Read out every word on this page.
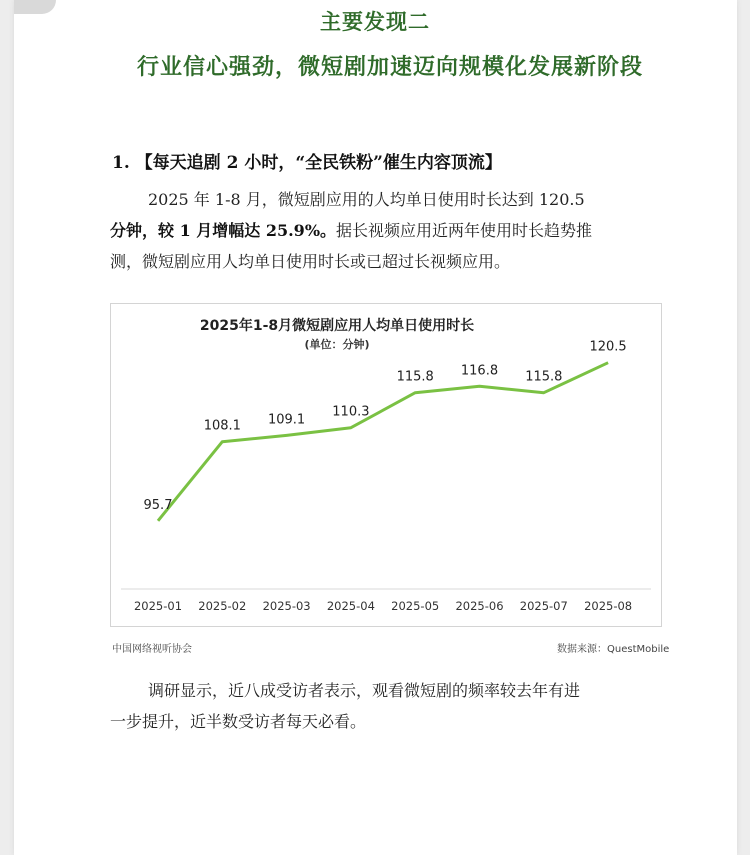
主要发现二
行业信心强劲，微短剧加速迈向规模化发展新阶段
1. 【每天追剧 2 小时，“全民铁粉”催生内容顶流】
2025 年 1-8 月，微短剧应用的人均单日使用时长达到 120.5
分钟，较 1 月增幅达 25.9%。据长视频应用近两年使用时长趋势推
测，微短剧应用人均单日使用时长或已超过长视频应用。
2025年1-8月微短剧应用人均单日使用时长
(单位：分钟)
95.7
108.1 109.1
110.3
115.8 116.8 115.8
120.5
2025-01 2025-02 2025-03 2025-04 2025-05 2025-06 2025-07 2025-08
中国网络视听协会	数据来源：QuestMobile
调研显示，近八成受访者表示，观看微短剧的频率较去年有进
一步提升，近半数受访者每天必看。
